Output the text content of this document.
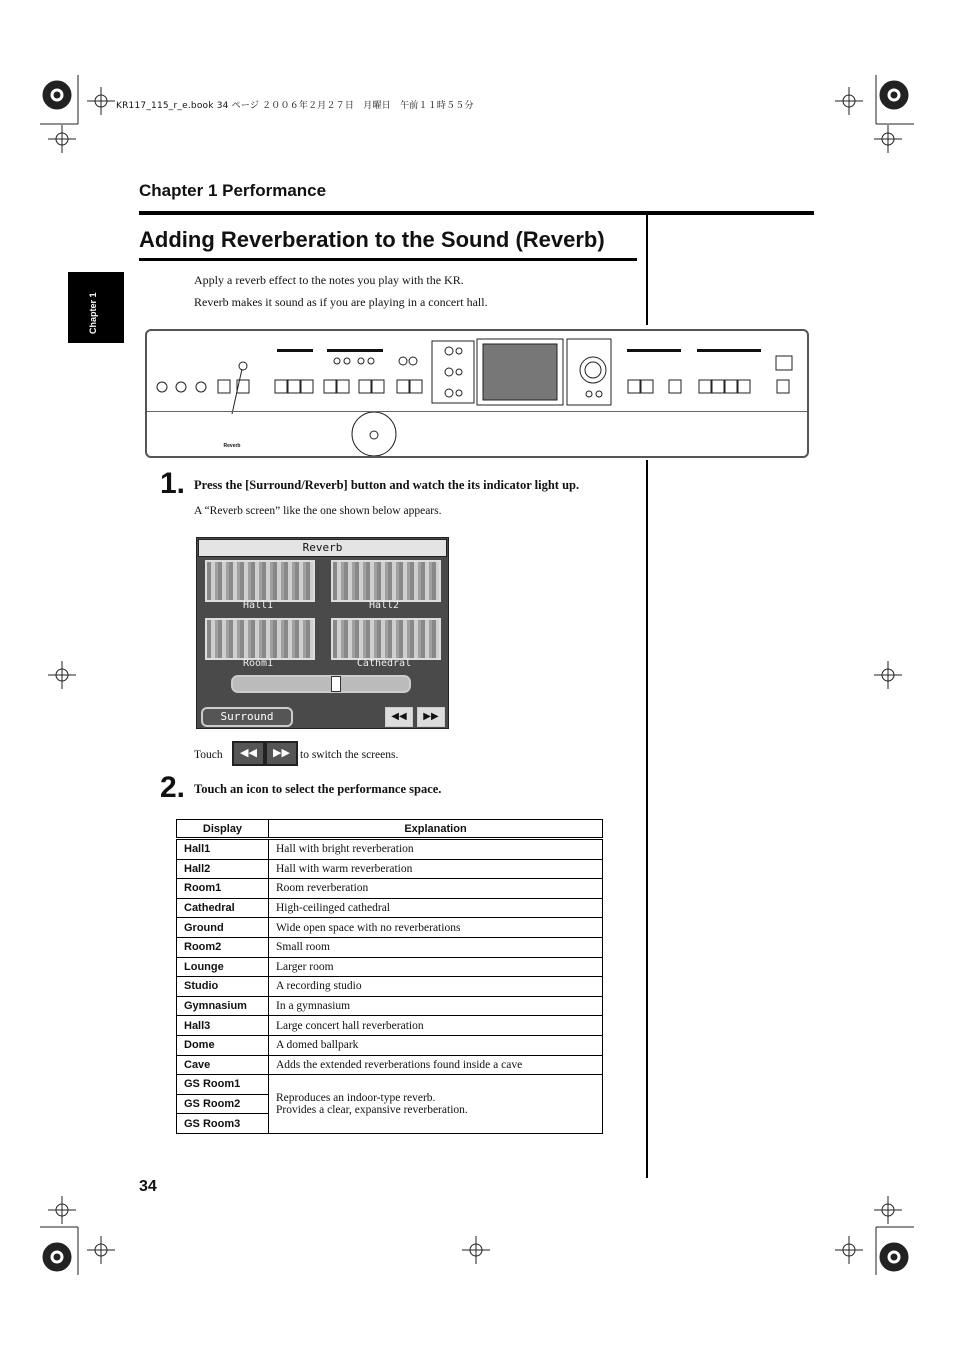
KR117_115_r_e.book 34 ページ ２００６年２月２７日　月曜日　午前１１時５５分
Chapter 1
Chapter 1 Performance
Adding Reverberation to the Sound (Reverb)
Apply a reverb effect to the notes you play with the KR.
Reverb makes it sound as if you are playing in a concert hall.
Reverb
1. Press the [Surround/Reverb] button and watch the its indicator light up.
A “Reverb screen” like the one shown below appears.
Reverb
Hall1	Hall2
Room1	Cathedral
Surround	◀◀	▶▶
Touch	◀◀	▶▶ to switch the screens.
2. Touch an icon to select the performance space.
Display	Explanation
Hall1	Hall with bright reverberation
Hall2	Hall with warm reverberation
Room1	Room reverberation
Cathedral	High-ceilinged cathedral
Ground	Wide open space with no reverberations
Room2	Small room
Lounge	Larger room
Studio	A recording studio
Gymnasium	In a gymnasium
Hall3	Large concert hall reverberation
Dome	A domed ballpark
Cave	Adds the extended reverberations found inside a cave
GS Room1	Reproduces an indoor-type reverb.
Provides a clear, expansive reverberation.

GS Room2	
GS Room3	
34
